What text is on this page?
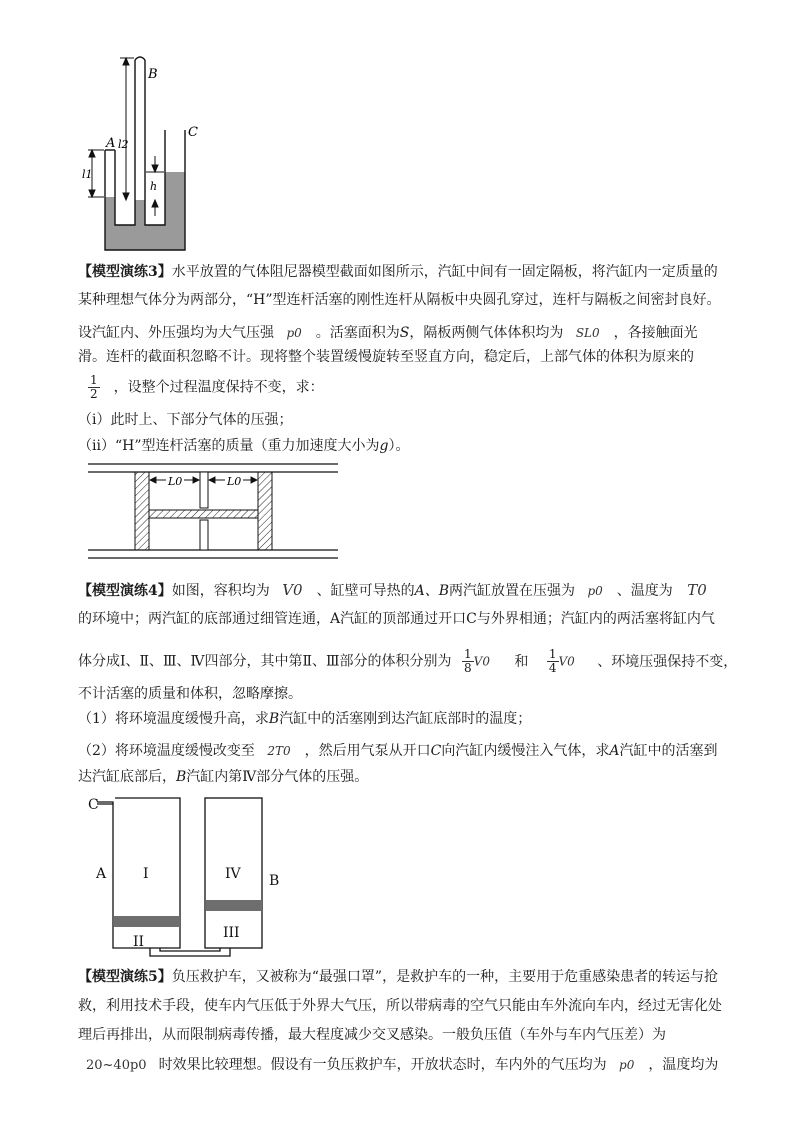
A
B
C
l1
l2
h
【模型演练3】水平放置的气体阻尼器模型截面如图所示，汽缸中间有一固定隔板，将汽缸内一定质量的
某种理想气体分为两部分，“H”型连杆活塞的刚性连杆从隔板中央圆孔穿过，连杆与隔板之间密封良好。
设汽缸内、外压强均为大气压强 p0 。活塞面积为S，隔板两侧气体体积均为 SL0 ，各接触面光
滑。连杆的截面积忽略不计。现将整个装置缓慢旋转至竖直方向，稳定后，上部气体的体积为原来的
$\frac{1}{2}$ ，设整个过程温度保持不变，求：
（i）此时上、下部分气体的压强；
（ii）“H”型连杆活塞的质量（重力加速度大小为g）。
L0	L0
【模型演练4】如图，容积均为 V0 、缸壁可导热的A、B两汽缸放置在压强为 p0 、温度为 T0
的环境中；两汽缸的底部通过细管连通，A汽缸的顶部通过开口C与外界相通；汽缸内的两活塞将缸内气
体分成Ⅰ、Ⅱ、Ⅲ、Ⅳ四部分，其中第Ⅱ、Ⅲ部分的体积分别为 $\frac{1}{8} V0$ 和 $\frac{1}{4} V0$ 、环境压强保持不变，
不计活塞的质量和体积，忽略摩擦。
（1）将环境温度缓慢升高，求B汽缸中的活塞刚到达汽缸底部时的温度；
（2）将环境温度缓慢改变至 2T0 ，然后用气泵从开口C向汽缸内缓慢注入气体，求A汽缸中的活塞到
达汽缸底部后，B汽缸内第Ⅳ部分气体的压强。
C
A	I
II
IV
III
B
【模型演练5】负压救护车，又被称为“最强口罩”，是救护车的一种，主要用于危重感染患者的转运与抢
救，利用技术手段，使车内气压低于外界大气压，所以带病毒的空气只能由车外流向车内，经过无害化处
理后再排出，从而限制病毒传播，最大程度减少交叉感染。一般负压值（车外与车内气压差）为
20~40p0 时效果比较理想。假设有一负压救护车，开放状态时，车内外的气压均为 p0 ，温度均为
